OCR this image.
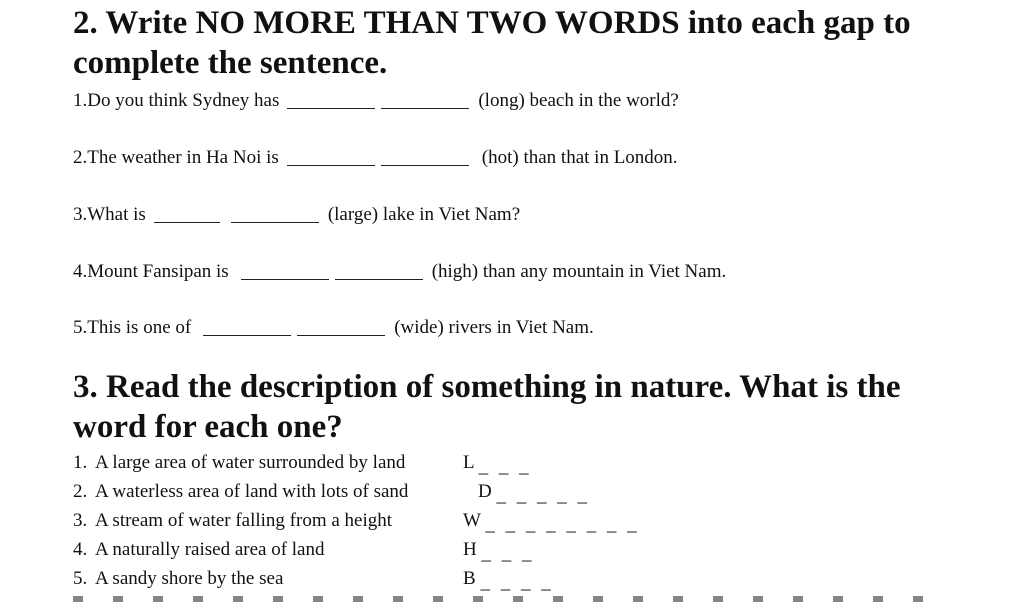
2. Write NO MORE THAN TWO WORDS into each gap to complete the sentence.
1.Do you think Sydney has	(long) beach in the world?
2.The weather in Ha Noi is	(hot) than that in London.
3.What is	(large) lake in Viet Nam?
4.Mount Fansipan is	(high) than any mountain in Viet Nam.
5.This is one of	(wide) rivers in Viet Nam.
3. Read the description of something in nature. What is the word for each one?
1. A large area of water surrounded by land	L _ _ _
2. A waterless area of land with lots of sand	D _ _ _ _ _
3. A stream of water falling from a height	W _ _ _ _ _ _ _ _
4. A naturally raised area of land	H _ _ _
5. A sandy shore by the sea	B _ _ _ _
